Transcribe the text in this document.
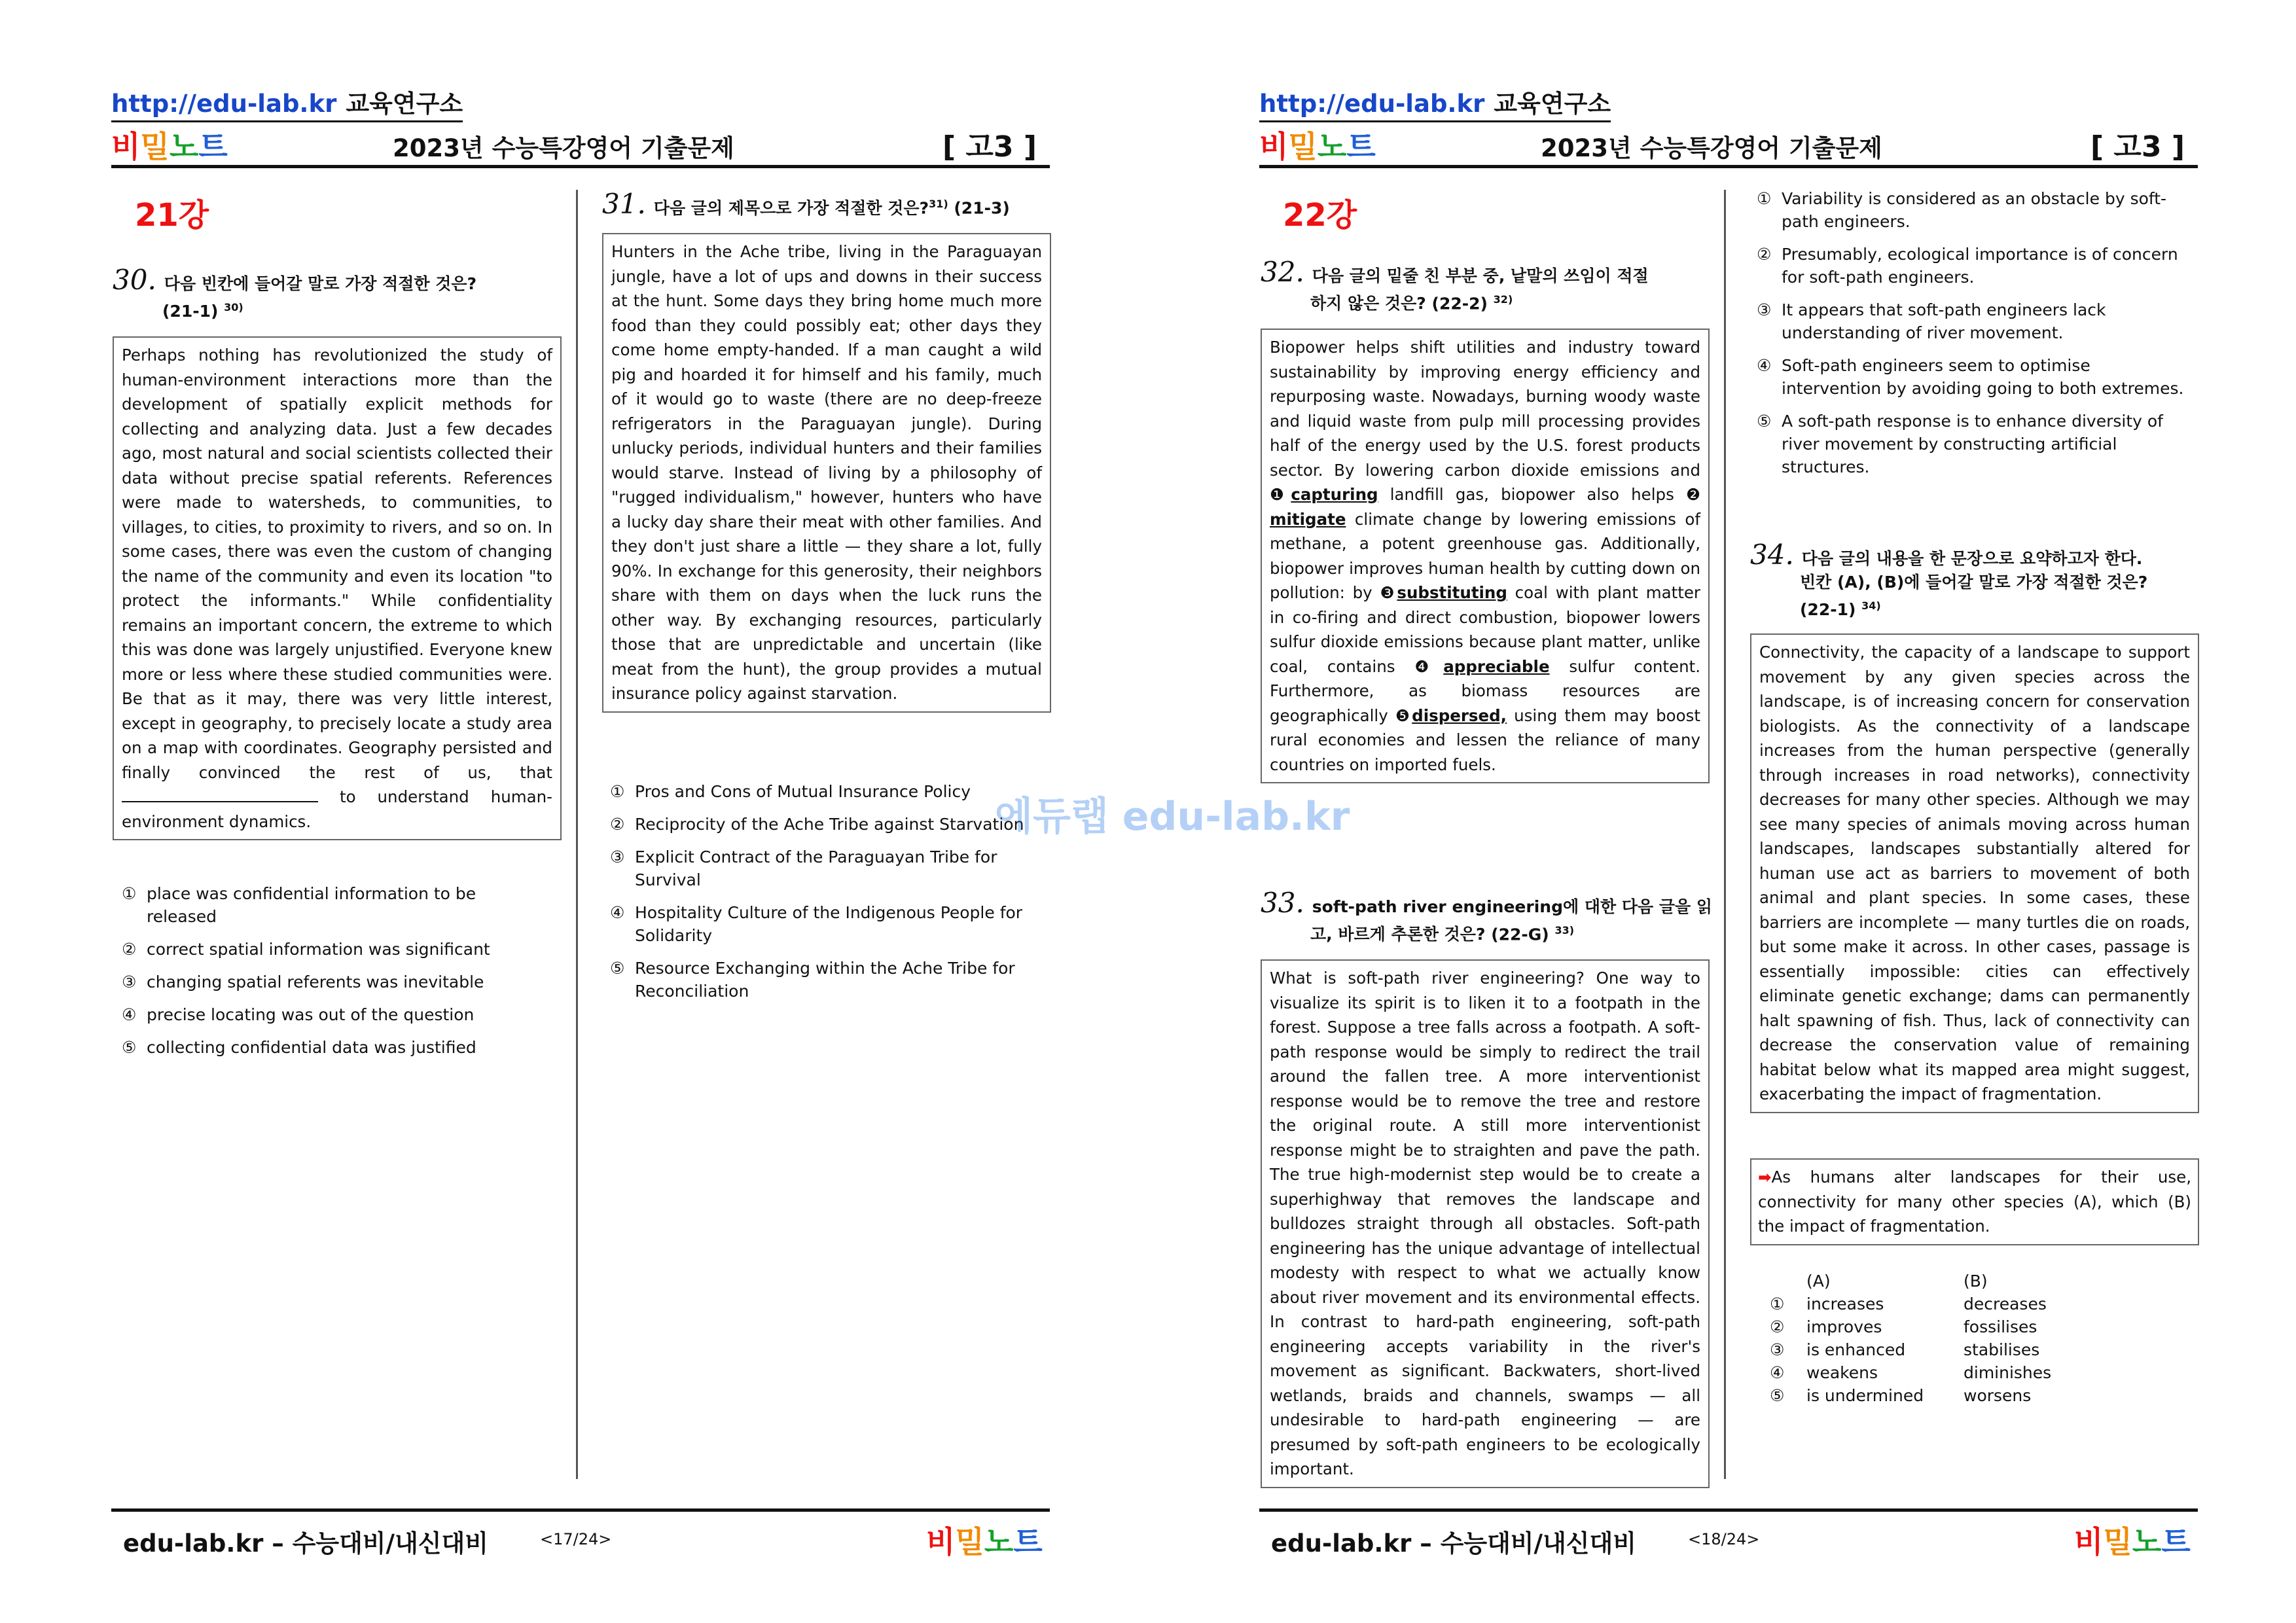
http://edu-lab.kr 교육연구소
비밀노트	2023년 수능특강영어 기출문제	[ 고3 ]
21강
30. 다음 빈칸에 들어갈 말로 가장 적절한 것은?
(21-1) $^{30)}$

Perhaps nothing has revolutionized the study of human-environment interactions more than the development of spatially explicit methods for collecting and analyzing data. Just a few decades ago, most natural and social scientists collected their data without precise spatial referents. References were made to watersheds, to communities, to villages, to cities, to proximity to rivers, and so on. In some cases, there was even the custom of changing the name of the community and even its location "to protect the informants." While confidentiality remains an important concern, the extreme to which this was done was largely unjustified. Everyone knew more or less where these studied communities were. Be that as it may, there was very little interest, except in geography, to precisely locate a study area on a map with coordinates. Geography persisted and finally convinced the rest of us, that  to understand human-environment dynamics.

① place was confidential information to be released
② correct spatial information was significant
③ changing spatial referents was inevitable
④ precise locating was out of the question
⑤ collecting confidential data was justified
31. 다음 글의 제목으로 가장 적절한 것은?$^{31)}$ (21-3)

Hunters in the Ache tribe, living in the Paraguayan jungle, have a lot of ups and downs in their success at the hunt. Some days they bring home much more food than they could possibly eat; other days they come home empty-handed. If a man caught a wild pig and hoarded it for himself and his family, much of it would go to waste (there are no deep-freeze refrigerators in the Paraguayan jungle). During unlucky periods, individual hunters and their families would starve. Instead of living by a philosophy of "rugged individualism," however, hunters who have a lucky day share their meat with other families. And they don't just share a little — they share a lot, fully 90%. In exchange for this generosity, their neighbors share with them on days when the luck runs the other way. By exchanging resources, particularly those that are unpredictable and uncertain (like meat from the hunt), the group provides a mutual insurance policy against starvation.

① Pros and Cons of Mutual Insurance Policy
② Reciprocity of the Ache Tribe against Starvation
③ Explicit Contract of the Paraguayan Tribe for Survival
④ Hospitality Culture of the Indigenous People for Solidarity
⑤ Resource Exchanging within the Ache Tribe for Reconciliation
edu-lab.kr – 수능대비/내신대비	<17/24>	비밀노트
http://edu-lab.kr 교육연구소
비밀노트	2023년 수능특강영어 기출문제	[ 고3 ]
22강
32. 다음 글의 밑줄 친 부분 중, 낱말의 쓰임이 적절
하지 않은 것은? (22-2) $^{32)}$

Biopower helps shift utilities and industry toward sustainability by improving energy efficiency and repurposing waste. Nowadays, burning woody waste and liquid waste from pulp mill processing provides half of the energy used by the U.S. forest products sector. By lowering carbon dioxide emissions and ❶capturing landfill gas, biopower also helps ❷ mitigate climate change by lowering emissions of methane, a potent greenhouse gas. Additionally, biopower improves human health by cutting down on pollution: by ❸substituting coal with plant matter in co-firing and direct combustion, biopower lowers sulfur dioxide emissions because plant matter, unlike coal, contains ❹appreciable sulfur content. Furthermore, as biomass resources are geographically ❺dispersed, using them may boost rural economies and lessen the reliance of many countries on imported fuels.

33. soft-path river engineering에 대한 다음 글을 읽
고, 바르게 추론한 것은? (22-G) $^{33)}$

What is soft-path river engineering? One way to visualize its spirit is to liken it to a footpath in the forest. Suppose a tree falls across a footpath. A soft-path response would be simply to redirect the trail around the fallen tree. A more interventionist response would be to remove the tree and restore the original route. A still more interventionist response might be to straighten and pave the path. The true high-modernist step would be to create a superhighway that removes the landscape and bulldozes straight through all obstacles. Soft-path engineering has the unique advantage of intellectual modesty with respect to what we actually know about river movement and its environmental effects. In contrast to hard-path engineering, soft-path engineering accepts variability in the river's movement as significant. Backwaters, short-lived wetlands, braids and channels, swamps — all undesirable to hard-path engineering — are presumed by soft-path engineers to be ecologically important.

① Variability is considered as an obstacle by soft-path engineers.
② Presumably, ecological importance is of concern for soft-path engineers.
③ It appears that soft-path engineers lack understanding of river movement.
④ Soft-path engineers seem to optimise intervention by avoiding going to both extremes.
⑤ A soft-path response is to enhance diversity of river movement by constructing artificial structures.
34. 다음 글의 내용을 한 문장으로 요약하고자 한다.
빈칸 (A), (B)에 들어갈 말로 가장 적절한 것은?
(22-1) $^{34)}$

Connectivity, the capacity of a landscape to support movement by any given species across the landscape, is of increasing concern for conservation biologists. As the connectivity of a landscape increases from the human perspective (generally through increases in road networks), connectivity decreases for many other species. Although we may see many species of animals moving across human landscapes, landscapes substantially altered for human use act as barriers to movement of both animal and plant species. In some cases, these barriers are incomplete — many turtles die on roads, but some make it across. In other cases, passage is essentially impossible: cities can effectively eliminate genetic exchange; dams can permanently halt spawning of fish. Thus, lack of connectivity can decrease the conservation value of remaining habitat below what its mapped area might suggest, exacerbating the impact of fragmentation.

➡As humans alter landscapes for their use, connectivity for many other species (A), which (B) the impact of fragmentation.
(A)	(B)
①	increases	decreases
②	improves	fossilises
③	is enhanced	stabilises
④	weakens	diminishes
⑤	is undermined	worsens
edu-lab.kr – 수능대비/내신대비	<18/24>	비밀노트
에듀랩 edu-lab.kr
